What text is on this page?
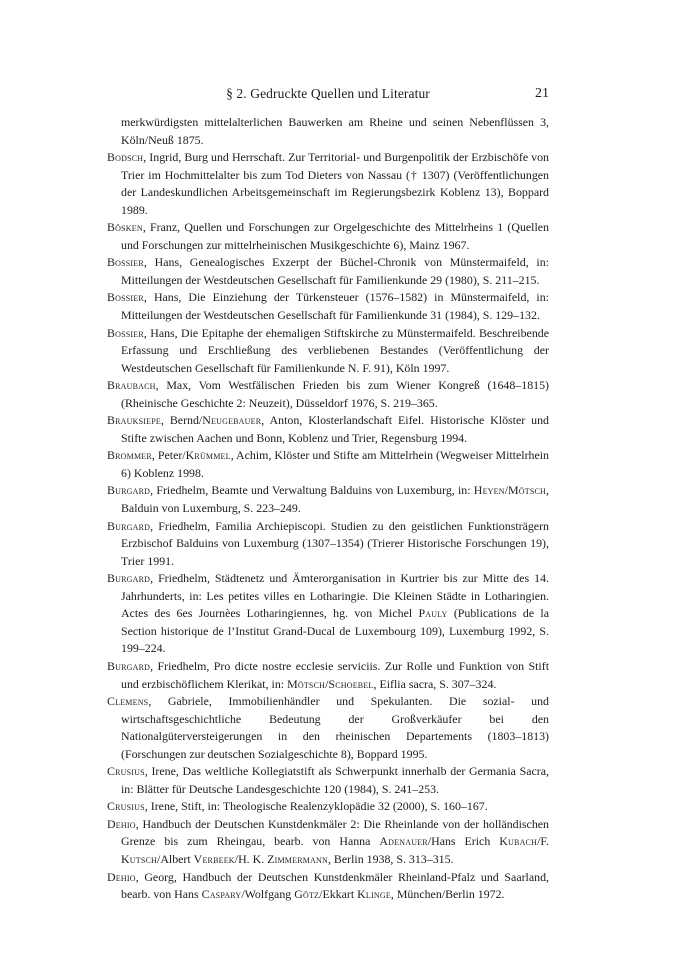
§ 2. Gedruckte Quellen und Literatur	21

merkwürdigsten mittelalterlichen Bauwerken am Rheine und seinen Nebenflüssen 3, Köln/Neuß 1875.

Bodsch, Ingrid, Burg und Herrschaft. Zur Territorial- und Burgenpolitik der Erzbischöfe von Trier im Hochmittelalter bis zum Tod Dieters von Nassau († 1307) (Veröffentlichungen der Landeskundlichen Arbeitsgemeinschaft im Regierungsbezirk Koblenz 13), Boppard 1989.

Bösken, Franz, Quellen und Forschungen zur Orgelgeschichte des Mittelrheins 1 (Quellen und Forschungen zur mittelrheinischen Musikgeschichte 6), Mainz 1967.

Bossier, Hans, Genealogisches Exzerpt der Büchel-Chronik von Münstermaifeld, in: Mitteilungen der Westdeutschen Gesellschaft für Familienkunde 29 (1980), S. 211–215.

Bossier, Hans, Die Einziehung der Türkensteuer (1576–1582) in Münstermaifeld, in: Mitteilungen der Westdeutschen Gesellschaft für Familienkunde 31 (1984), S. 129–132.

Bossier, Hans, Die Epitaphe der ehemaligen Stiftskirche zu Münstermaifeld. Beschreibende Erfassung und Erschließung des verbliebenen Bestandes (Veröffentlichung der Westdeutschen Gesellschaft für Familienkunde N. F. 91), Köln 1997.

Braubach, Max, Vom Westfälischen Frieden bis zum Wiener Kongreß (1648–1815) (Rheinische Geschichte 2: Neuzeit), Düsseldorf 1976, S. 219–365.

Brauksiepe, Bernd/Neugebauer, Anton, Klosterlandschaft Eifel. Historische Klöster und Stifte zwischen Aachen und Bonn, Koblenz und Trier, Regensburg 1994.

Brommer, Peter/Krümmel, Achim, Klöster und Stifte am Mittelrhein (Wegweiser Mittelrhein 6) Koblenz 1998.

Burgard, Friedhelm, Beamte und Verwaltung Balduins von Luxemburg, in: Heyen/Mötsch, Balduin von Luxemburg, S. 223–249.

Burgard, Friedhelm, Familia Archiepiscopi. Studien zu den geistlichen Funktionsträgern Erzbischof Balduins von Luxemburg (1307–1354) (Trierer Historische Forschungen 19), Trier 1991.

Burgard, Friedhelm, Städtenetz und Ämterorganisation in Kurtrier bis zur Mitte des 14. Jahrhunderts, in: Les petites villes en Lotharingie. Die Kleinen Städte in Lotharingien. Actes des 6es Journèes Lotharingiennes, hg. von Michel Pauly (Publications de la Section historique de l’Institut Grand-Ducal de Luxembourg 109), Luxemburg 1992, S. 199–224.

Burgard, Friedhelm, Pro dicte nostre ecclesie serviciis. Zur Rolle und Funktion von Stift und erzbischöflichem Klerikat, in: Mötsch/Schoebel, Eiflia sacra, S. 307–324.

Clemens, Gabriele, Immobilienhändler und Spekulanten. Die sozial- und wirtschaftsgeschichtliche Bedeutung der Großverkäufer bei den Nationalgüterversteigerungen in den rheinischen Departements (1803–1813) (Forschungen zur deutschen Sozialgeschichte 8), Boppard 1995.

Crusius, Irene, Das weltliche Kollegiatstift als Schwerpunkt innerhalb der Germania Sacra, in: Blätter für Deutsche Landesgeschichte 120 (1984), S. 241–253.

Crusius, Irene, Stift, in: Theologische Realenzyklopädie 32 (2000), S. 160–167.

Dehio, Handbuch der Deutschen Kunstdenkmäler 2: Die Rheinlande von der holländischen Grenze bis zum Rheingau, bearb. von Hanna Adenauer/Hans Erich Kubach/F. Kutsch/Albert Verbeek/H. K. Zimmermann, Berlin 1938, S. 313–315.

Dehio, Georg, Handbuch der Deutschen Kunstdenkmäler Rheinland-Pfalz und Saarland, bearb. von Hans Caspary/Wolfgang Götz/Ekkart Klinge, München/Berlin 1972.
